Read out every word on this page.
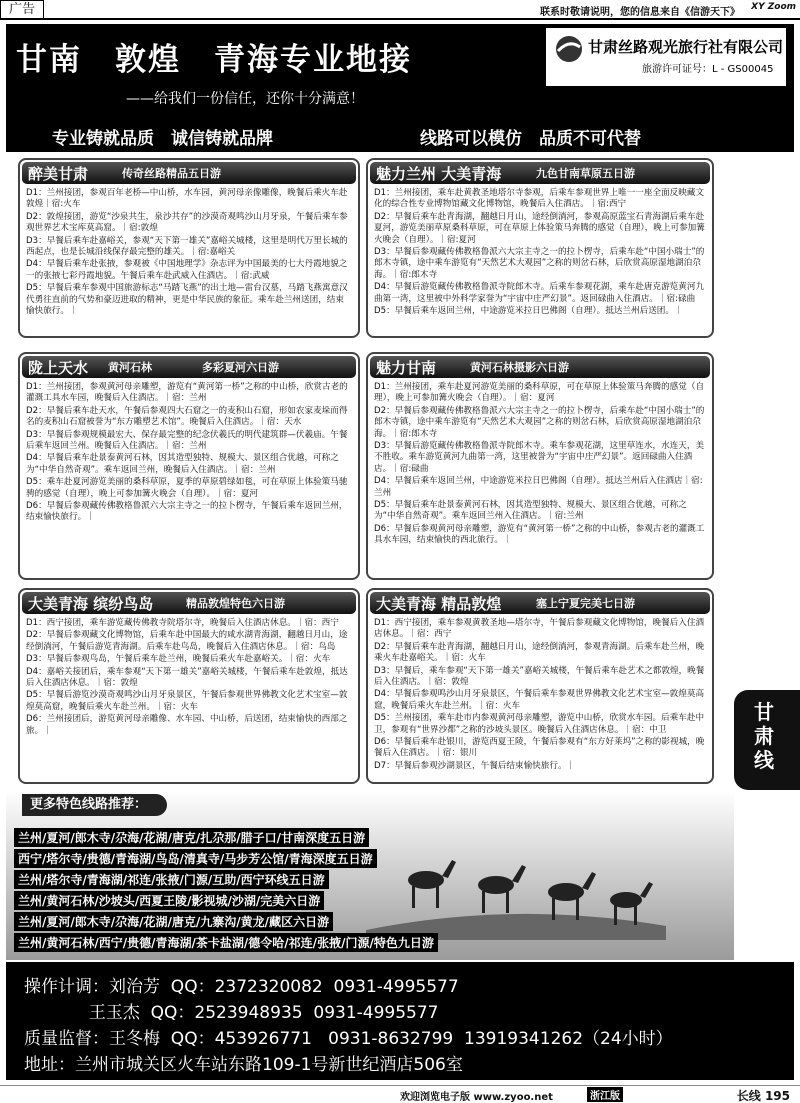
广告	联系时敬请说明，您的信息来自《信游天下》 XY Zoom
甘南　敦煌　青海专业地接	甘肃丝路观光旅行社有限公司
旅游许可证号：L - GS00045
——给我们一份信任，还你十分满意！
专业铸就品质　诚信铸就品牌	线路可以模仿　品质不可代替
醉美甘肃	传奇丝路精品五日游
D1：兰州接团，参观百年老桥—中山桥，水车园，黄河母亲像雕像，晚餐后乘火车赴敦煌｜宿:火车
D2：敦煌接团，游览“沙泉共生，泉沙共存”的沙漠奇观鸣沙山月牙泉，午餐后乘车参观世界艺术宝库莫高窟。｜宿:敦煌
D3：早餐后乘车赴嘉峪关，参观“天下第一雄关”嘉峪关城楼，这里是明代万里长城的西起点，也是长城沿线保存最完整的雄关。｜宿:嘉峪关
D4：早餐后乘车赴张掖，参观被《中国地理学》杂志评为中国最美的七大丹霞地貌之一的张掖七彩丹霞地貌。午餐后乘车赴武威入住酒店。｜宿:武威
D5：早餐后乘车参观中国旅游标志“马踏飞燕”的出土地—雷台汉墓，马踏飞燕寓意汉代勇往直前的气势和豪迈进取的精神，更是中华民族的象征。乘车赴兰州送团，结束愉快旅行。｜
魅力兰州 大美青海	九色甘南草原五日游
D1：兰州接团，乘车赴黄教圣地塔尔寺参观，后乘车参观世界上唯一一座全面反映藏文化的综合性专业博物馆藏文化博物馆，晚餐后入住酒店。｜宿:西宁
D2：早餐后乘车赴青海湖，翻越日月山，途经倒淌河，参观高原蓝宝石青海湖后乘车赴夏河，游览美丽草原桑科草原，可在草原上体验策马奔腾的感觉（自理），晚上可参加篝火晚会（自理）。｜宿:夏河
D3：早餐后参观藏传佛教格鲁派六大宗主寺之一的拉卜楞寺，后乘车赴“中国小瑞士”的郎木寺镇，途中乘车游览有“天然艺术大观园”之称的则岔石林，后欣赏高原湿地湖泊尕海。｜宿:郎木寺
D4：早餐后游览藏传佛教格鲁派寺院郎木寺。后乘车参观花湖，乘车赴唐克游览黄河九曲第一湾，这里被中外科学家誉为“宇宙中庄严幻景”。返回碌曲入住酒店。｜宿:碌曲
D5：早餐后乘车返回兰州，中途游览米拉日巴佛阁（自理）。抵达兰州后送团。｜
陇上天水 黄河石林	多彩夏河六日游
D1：兰州接团，参观黄河母亲雕塑，游览有“黄河第一桥”之称的中山桥，欣赏古老的灌溉工具水车园，晚餐后入住酒店。｜宿：兰州
D2：早餐后乘车赴天水，午餐后参观四大石窟之一的麦积山石窟，形如农家麦垛而得名的麦积山石窟被誉为“东方雕塑艺术馆”。晚餐后入住酒店。｜宿：天水
D3：早餐后参观规模最宏大、保存最完整的纪念伏羲氏的明代建筑群—伏羲庙。午餐后乘车返回兰州。晚餐后入住酒店。｜宿：兰州
D4：早餐后乘车赴景泰黄河石林，因其造型独特、规模大、景区组合优越，可称之为“中华自然奇观”。乘车返回兰州，晚餐后入住酒店。｜宿：兰州
D5：乘车赴夏河游览美丽的桑科草原，夏季的草原碧绿如毯，可在草原上体验策马驰骋的感觉（自理），晚上可参加篝火晚会（自理）。｜宿：夏河
D6：早餐后参观藏传佛教格鲁派六大宗主寺之一的拉卜楞寺，午餐后乘车返回兰州，结束愉快旅行。｜
魅力甘南	黄河石林摄影六日游
D1：兰州接团，乘车赴夏河游览美丽的桑科草原，可在草原上体验策马奔腾的感觉（自理），晚上可参加篝火晚会（自理）。｜宿：夏河
D2：早餐后参观藏传佛教格鲁派六大宗主寺之一的拉卜楞寺，后乘车赴“中国小瑞士”的郎木寺镇，途中乘车游览有“天然艺术大观园”之称的则岔石林，后欣赏高原湿地湖泊尕海。｜宿:郎木寺
D3：早餐后游览藏传佛教格鲁派寺院郎木寺。乘车参观花湖，这里草连水，水连天，美不胜收。乘车游览黄河九曲第一湾，这里被誉为“宇宙中庄严幻景”。返回碌曲入住酒店。｜宿:碌曲
D4：早餐后乘车返回兰州，中途游览米拉日巴佛阁（自理）。抵达兰州后入住酒店｜宿:兰州
D5：早餐后乘车赴景泰黄河石林，因其造型独特、规模大、景区组合优越，可称之为“中华自然奇观”。乘车返回兰州入住酒店。｜宿:兰州
D6：早餐后参观黄河母亲雕塑，游览有“黄河第一桥”之称的中山桥，参观古老的灌溉工具水车园，结束愉快的西北旅行。｜
大美青海 缤纷鸟岛	精品敦煌特色六日游
D1：西宁接团，乘车游览藏传佛教寺院塔尔寺，晚餐后入住酒店休息。｜宿：西宁
D2：早餐后参观藏文化博物馆，后乘车赴中国最大的咸水湖青海湖，翻越日月山，途经倒淌河，午餐后游览青海湖。后乘车赴鸟岛，晚餐后入住酒店休息。｜宿：鸟岛
D3：早餐后参观鸟岛，午餐后乘车赴兰州，晚餐后乘火车赴嘉峪关。｜宿：火车
D4：嘉峪关接团后，乘车参观“天下第一雄关”嘉峪关城楼，午餐后乘车赴敦煌，抵达后入住酒店休息。｜宿：敦煌
D5：早餐后游览沙漠奇观鸣沙山月牙泉景区，午餐后参观世界佛教文化艺术宝室—敦煌莫高窟，晚餐后乘火车赴兰州。｜宿：火车
D6：兰州接团后，游览黄河母亲雕像、水车园、中山桥，后送团，结束愉快的西部之旅。｜
大美青海 精品敦煌	塞上宁夏完美七日游
D1：西宁接团，乘车参观黄教圣地—塔尔寺，午餐后参观藏文化博物馆，晚餐后入住酒店休息。｜宿：西宁
D2：早餐后乘车赴青海湖，翻越日月山，途经倒淌河，参观青海湖。后乘车赴兰州，晚乘火车赴嘉峪关。｜宿：火车
D3：早餐后，乘车参观“天下第一雄关”嘉峪关城楼，午餐后乘车赴艺术之都敦煌，晚餐后入住酒店。｜宿：敦煌
D4：早餐后参观鸣沙山月牙泉景区，午餐后乘车参观世界佛教文化艺术宝室—敦煌莫高窟，晚餐后乘火车赴兰州。｜宿：火车
D5：兰州接团，乘车赴市内参观黄河母亲雕塑，游览中山桥，欣赏水车园。后乘车赴中卫，参观有“世界沙都”之称的沙坡头景区。晚餐后入住酒店休息。｜宿：中卫
D6：早餐后乘车赴银川，游览西夏王陵，午餐后参观有“东方好莱坞”之称的影视城，晚餐后入住酒店。｜宿：银川
D7：早餐后参观沙湖景区，午餐后结束愉快旅行。｜
甘肃线
更多特色线路推荐：
兰州/夏河/郎木寺/尕海/花湖/唐克/扎尕那/腊子口/甘南深度五日游
西宁/塔尔寺/贵德/青海湖/鸟岛/清真寺/马步芳公馆/青海深度五日游
兰州/塔尔寺/青海湖/祁连/张掖/门源/互助/西宁环线五日游
兰州/黄河石林/沙坡头/西夏王陵/影视城/沙湖/完美六日游
兰州/夏河/郎木寺/尕海/花湖/唐克/九寨沟/黄龙/藏区六日游
兰州/黄河石林/西宁/贵德/青海湖/茶卡盐湖/德令哈/祁连/张掖/门源/特色九日游
操作计调：刘治芳  QQ：2372320082  0931-4995577
王玉杰  QQ：2523948935  0931-4995577
质量监督：王冬梅  QQ：453926771   0931-8632799  13919341262（24小时）
地址：兰州市城关区火车站东路109-1号新世纪酒店506室
欢迎浏览电子版 www.zyoo.net	浙江版	长线 195
